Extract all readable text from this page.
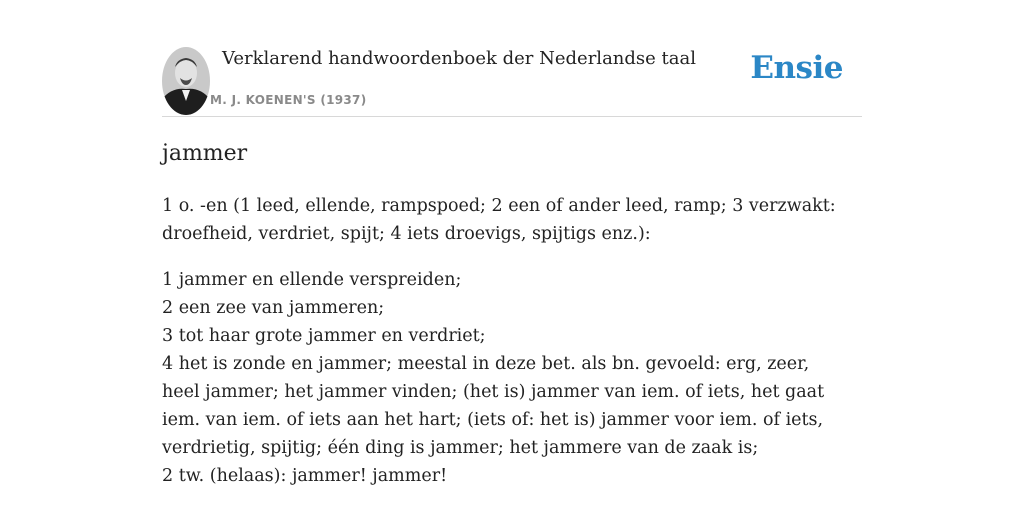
Verklarend handwoordenboek der Nederlandse taal
M. J. KOENEN'S (1937)
Ensie
jammer

1 o. -en (1 leed, ellende, rampspoed; 2 een of ander leed, ramp; 3 verzwakt: droefheid, verdriet, spijt; 4 iets droevigs, spijtigs enz.):

1 jammer en ellende verspreiden;
2 een zee van jammeren;
3 tot haar grote jammer en verdriet;
4 het is zonde en jammer; meestal in deze bet. als bn. gevoeld: erg, zeer, heel jammer; het jammer vinden; (het is) jammer van iem. of iets, het gaat iem. van iem. of iets aan het hart; (iets of: het is) jammer voor iem. of iets, verdrietig, spijtig; één ding is jammer; het jammere van de zaak is;
2 tw. (helaas): jammer! jammer!
